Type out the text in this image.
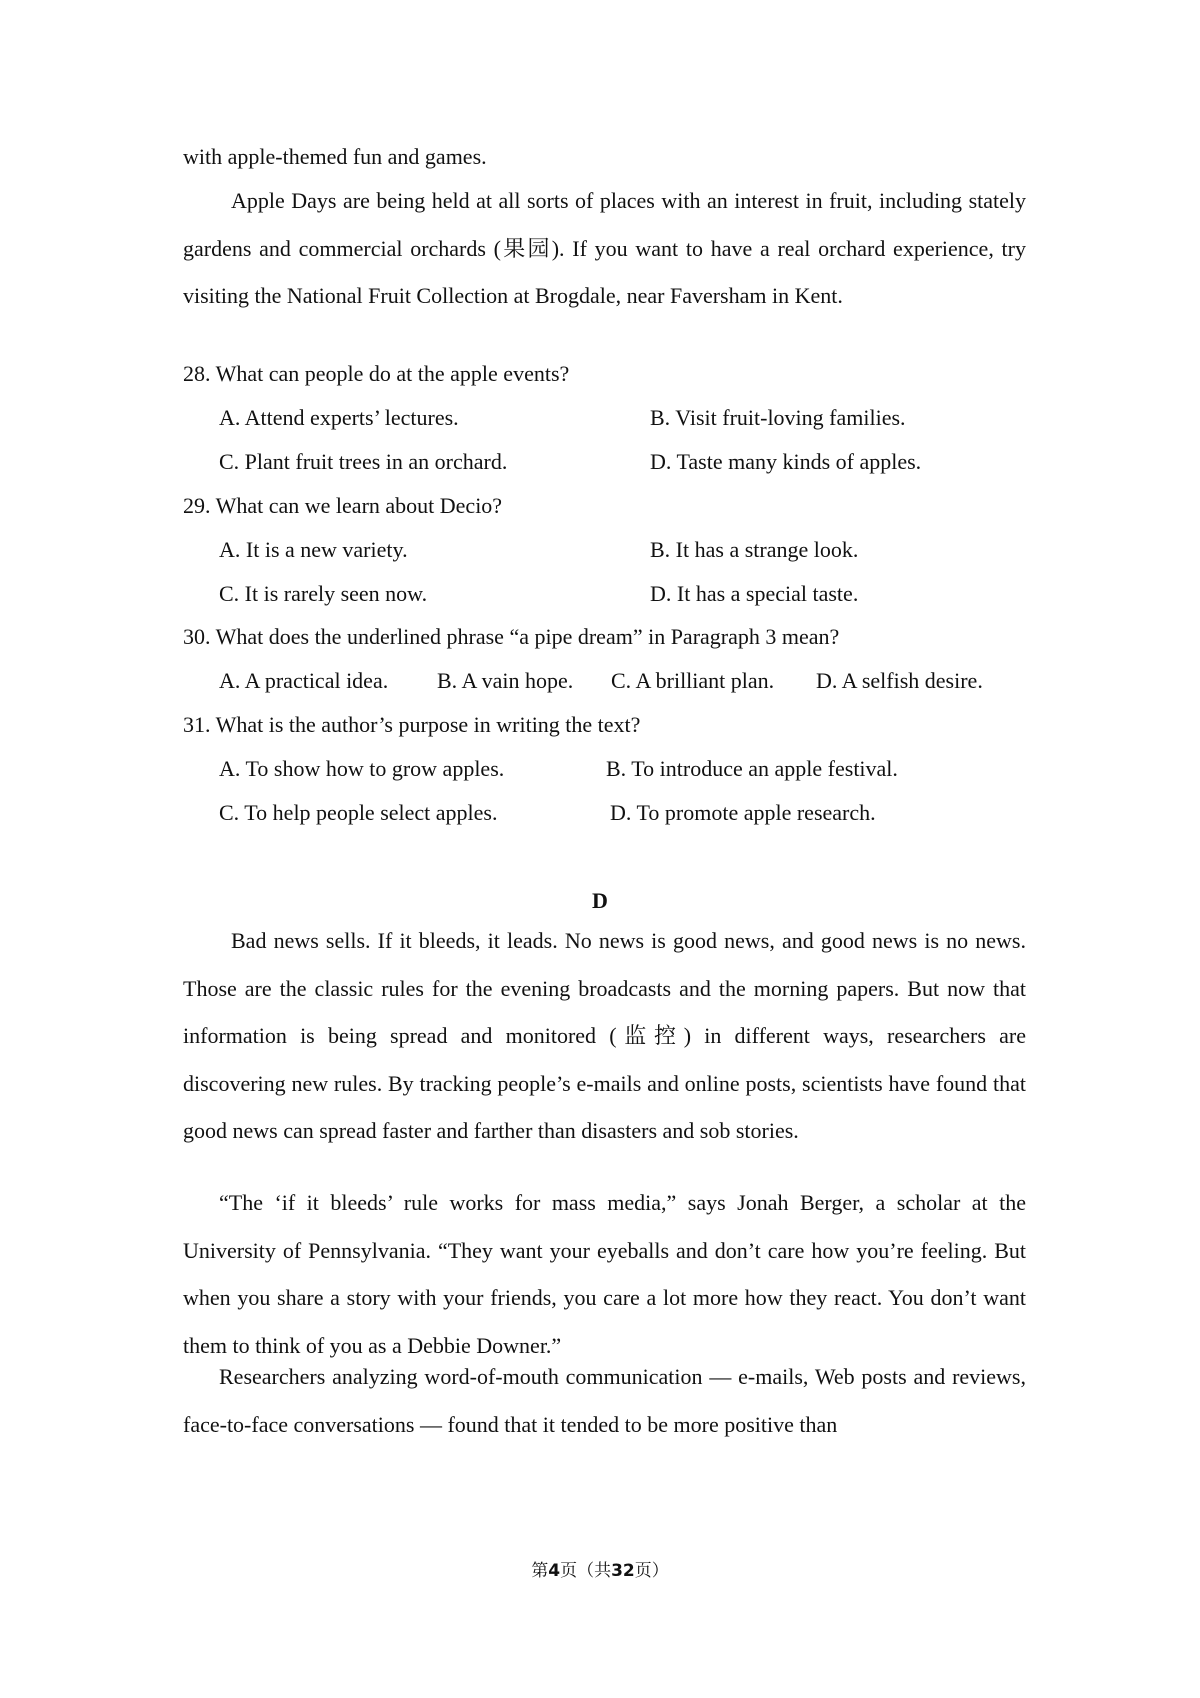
with apple-themed fun and games.
Apple Days are being held at all sorts of places with an interest in fruit, including stately gardens and commercial orchards (果园). If you want to have a real orchard experience, try visiting the National Fruit Collection at Brogdale, near Faversham in Kent.
28. What can people do at the apple events?
A. Attend experts’ lectures.	B. Visit fruit-loving families.
C. Plant fruit trees in an orchard.	D. Taste many kinds of apples.
29. What can we learn about Decio?
A. It is a new variety.	B. It has a strange look.
C. It is rarely seen now.	D. It has a special taste.
30. What does the underlined phrase “a pipe dream” in Paragraph 3 mean?
A. A practical idea. B. A vain hope. C. A brilliant plan. D. A selfish desire.
31. What is the author’s purpose in writing the text?
A. To show how to grow apples.	B. To introduce an apple festival.
C. To help people select apples.	D. To promote apple research.
D
Bad news sells. If it bleeds, it leads. No news is good news, and good news is no news. Those are the classic rules for the evening broadcasts and the morning papers. But now that information is being spread and monitored (监控) in different ways, researchers are discovering new rules. By tracking people’s e-mails and online posts, scientists have found that good news can spread faster and farther than disasters and sob stories.
“The ‘if it bleeds’ rule works for mass media,” says Jonah Berger, a scholar at the University of Pennsylvania. “They want your eyeballs and don’t care how you’re feeling. But when you share a story with your friends, you care a lot more how they react. You don’t want them to think of you as a Debbie Downer.”
Researchers analyzing word-of-mouth communication — e-mails, Web posts and reviews, face-to-face conversations — found that it tended to be more positive than
第4页（共32页）
